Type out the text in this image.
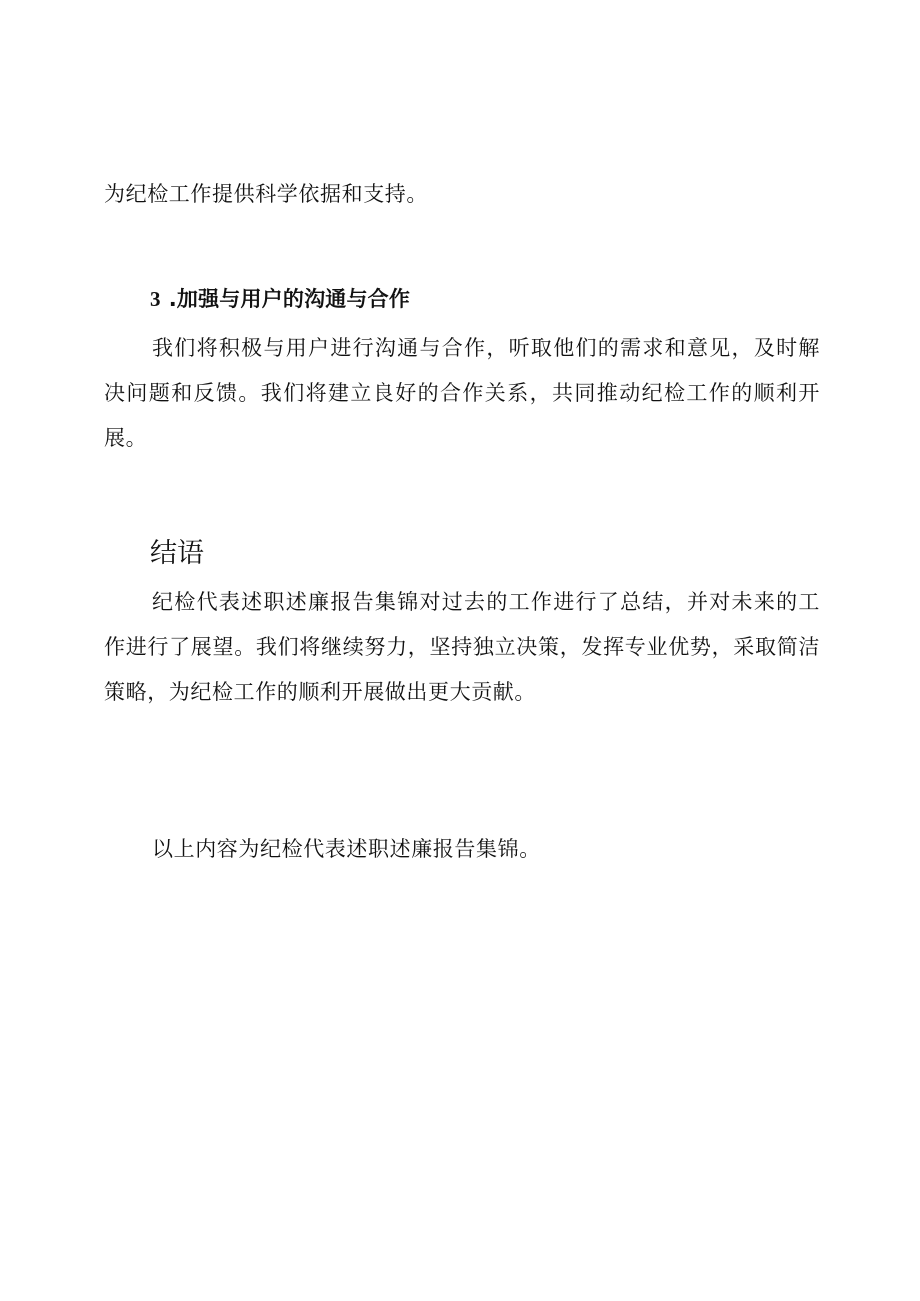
为纪检工作提供科学依据和支持。

3 .加强与用户的沟通与合作

我们将积极与用户进行沟通与合作，听取他们的需求和意见，及时解决问题和反馈。我们将建立良好的合作关系，共同推动纪检工作的顺利开展。

结语

纪检代表述职述廉报告集锦对过去的工作进行了总结，并对未来的工作进行了展望。我们将继续努力，坚持独立决策，发挥专业优势，采取简洁策略，为纪检工作的顺利开展做出更大贡献。

以上内容为纪检代表述职述廉报告集锦。
